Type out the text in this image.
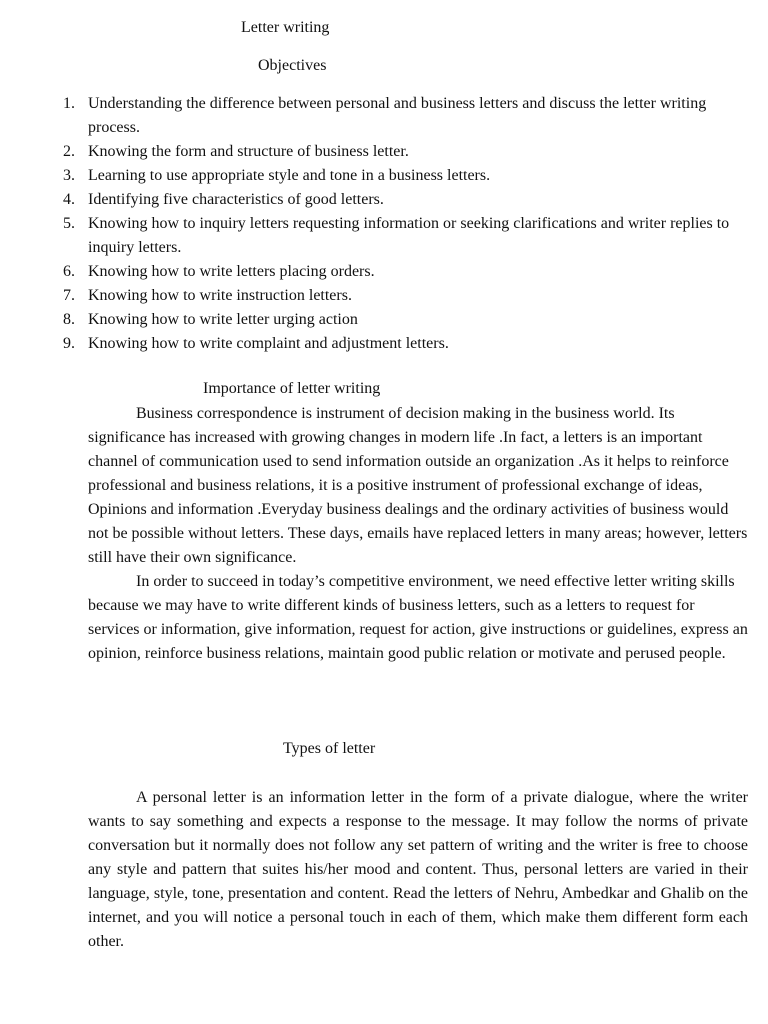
Letter writing
Objectives
1. Understanding the difference between personal and business letters and discuss the letter writing process.
2. Knowing the form and structure of business letter.
3. Learning to use appropriate style and tone in a business letters.
4. Identifying five characteristics of good letters.
5. Knowing how to inquiry letters requesting information or seeking clarifications and writer replies to inquiry letters.
6. Knowing how to write letters placing orders.
7. Knowing how to write instruction letters.
8. Knowing how to write letter urging action
9. Knowing how to write complaint and adjustment letters.
Importance of letter writing

Business correspondence is instrument of decision making in the business world. Its significance has increased with growing changes in modern life .In fact, a letters is an important channel of communication used to send information outside an organization .As it helps to reinforce professional and business relations, it is a positive instrument of professional exchange of ideas, Opinions and information .Everyday business dealings and the ordinary activities of business would not be possible without letters. These days, emails have replaced letters in many areas; however, letters still have their own significance.

In order to succeed in today’s competitive environment, we need effective letter writing skills because we may have to write different kinds of business letters, such as a letters to request for services or information, give information, request for action, give instructions or guidelines, express an opinion, reinforce business relations, maintain good public relation or motivate and perused people.

Types of letter

A personal letter is an information letter in the form of a private dialogue, where the writer wants to say something and expects a response to the message. It may follow the norms of private conversation but it normally does not follow any set pattern of writing and the writer is free to choose any style and pattern that suites his/her mood and content. Thus, personal letters are varied in their language, style, tone, presentation and content. Read the letters of Nehru, Ambedkar and Ghalib on the internet, and you will notice a personal touch in each of them, which make them different form each other.
